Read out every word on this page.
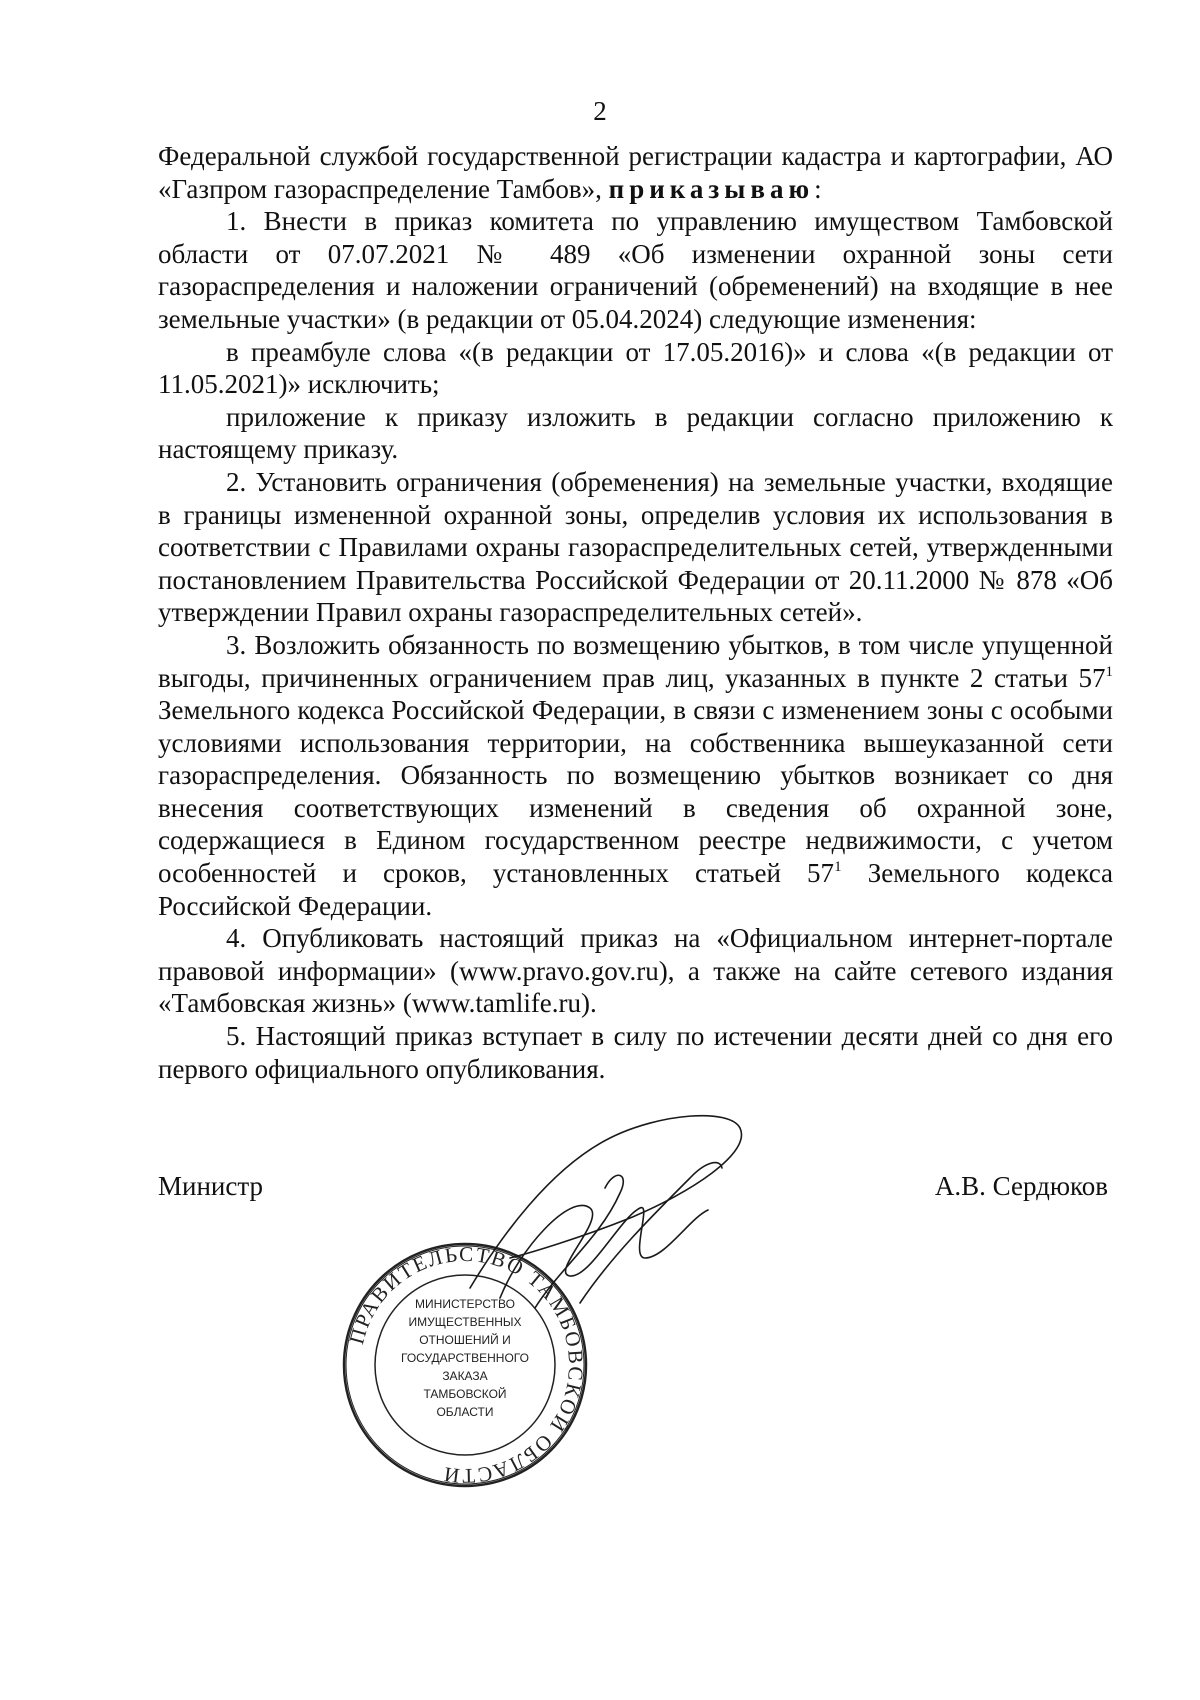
2

Федеральной службой государственной регистрации кадастра и картографии, АО «Газпром газораспределение Тамбов», приказываю:

1. Внести в приказ комитета по управлению имуществом Тамбовской области от 07.07.2021 № 489 «Об изменении охранной зоны сети газораспределения и наложении ограничений (обременений) на входящие в нее земельные участки» (в редакции от 05.04.2024) следующие изменения:

в преамбуле слова «(в редакции от 17.05.2016)» и слова «(в редакции от 11.05.2021)» исключить;

приложение к приказу изложить в редакции согласно приложению к настоящему приказу.

2. Установить ограничения (обременения) на земельные участки, входящие в границы измененной охранной зоны, определив условия их использования в соответствии с Правилами охраны газораспределительных сетей, утвержденными постановлением Правительства Российской Федерации от 20.11.2000 № 878 «Об утверждении Правил охраны газораспределительных сетей».

3. Возложить обязанность по возмещению убытков, в том числе упущенной выгоды, причиненных ограничением прав лиц, указанных в пункте 2 статьи $57^1$ Земельного кодекса Российской Федерации, в связи с изменением зоны с особыми условиями использования территории, на собственника вышеуказанной сети газораспределения. Обязанность по возмещению убытков возникает со дня внесения соответствующих изменений в сведения об охранной зоне, содержащиеся в Едином государственном реестре недвижимости, с учетом особенностей и сроков, установленных статьей $57^1$ Земельного кодекса Российской Федерации.

4. Опубликовать настоящий приказ на «Официальном интернет-портале правовой информации» (www.pravo.gov.ru), а также на сайте сетевого издания «Тамбовская жизнь» (www.tamlife.ru).

5. Настоящий приказ вступает в силу по истечении десяти дней со дня его первого официального опубликования.

Министр	А.В. Сердюков
ПРАВИТЕЛЬСТВО ТАМБОВСКОЙ ОБЛАСТИ
МИНИСТЕРСТВО
ИМУЩЕСТВЕННЫХ
ОТНОШЕНИЙ И
ГОСУДАРСТВЕННОГО
ЗАКАЗА
ТАМБОВСКОЙ
ОБЛАСТИ
